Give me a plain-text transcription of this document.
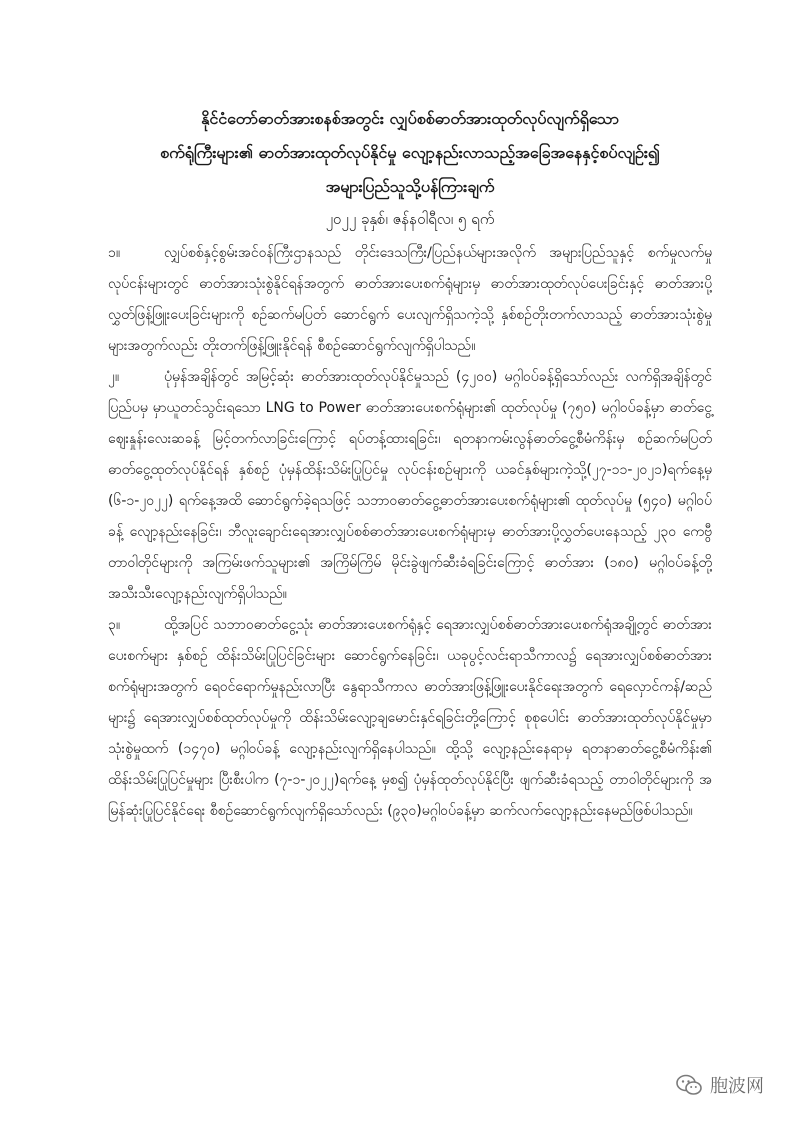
နိုင်ငံတော်ဓာတ်အားစနစ်အတွင်း လျှပ်စစ်ဓာတ်အားထုတ်လုပ်လျက်ရှိသော

စက်ရုံကြီးများ၏ ဓာတ်အားထုတ်လုပ်နိုင်မှု လျော့နည်းလာသည့်အခြေအနေနှင့်စပ်လျဉ်း၍

အများပြည်သူသို့ပန်ကြားချက်

၂၀၂၂ ခုနှစ်၊ ဇန်နဝါရီလ၊ ၅ ရက်

၁။	လျှပ်စစ်နှင့်စွမ်းအင်ဝန်ကြီးဌာနသည် တိုင်းဒေသကြီး/ပြည်နယ်များအလိုက် အများပြည်သူနှင့် စက်မှုလက်မှုလုပ်ငန်းများတွင် ဓာတ်အားသုံးစွဲနိုင်ရန်အတွက် ဓာတ်အားပေးစက်ရုံများမှ ဓာတ်အားထုတ်လုပ်ပေးခြင်းနှင့် ဓာတ်အားပို့လွှတ်ဖြန့်ဖြူးပေးခြင်းများကို စဉ်ဆက်မပြတ် ဆောင်ရွက် ပေးလျက်ရှိသကဲ့သို့ နှစ်စဉ်တိုးတက်လာသည့် ဓာတ်အားသုံးစွဲမှုများအတွက်လည်း တိုးတက်ဖြန့်ဖြူးနိုင်ရန် စီစဉ်ဆောင်ရွက်လျက်ရှိပါသည်။
၂။	ပုံမှန်အချိန်တွင် အမြင့်ဆုံး ဓာတ်အားထုတ်လုပ်နိုင်မှုသည် (၄၂၀၀) မဂ္ဂါဝပ်ခန့်ရှိသော်လည်း လက်ရှိအချိန်တွင် ပြည်ပမှ မှာယူတင်သွင်းရသော LNG to Power ဓာတ်အားပေးစက်ရုံများ၏ ထုတ်လုပ်မှု (၇၅၀) မဂ္ဂါဝပ်ခန့်မှာ ဓာတ်ငွေ့ဈေးနှုန်းလေးဆခန့် မြင့်တက်လာခြင်းကြောင့် ရပ်တန့်ထားရခြင်း၊ ရတနာကမ်းလွန်ဓာတ်ငွေ့စီမံကိန်းမှ စဉ်ဆက်မပြတ် ဓာတ်ငွေ့ထုတ်လုပ်နိုင်ရန် နှစ်စဉ် ပုံမှန်ထိန်းသိမ်းပြုပြင်မှု လုပ်ငန်းစဉ်များကို ယခင်နှစ်များကဲ့သို့(၂၇-၁၁-၂၀၂၁)ရက်နေ့မှ (၆-၁-၂၀၂၂) ရက်နေ့အထိ ဆောင်ရွက်ခဲ့ရသဖြင့် သဘာဝဓာတ်ငွေ့ဓာတ်အားပေးစက်ရုံများ၏ ထုတ်လုပ်မှု (၅၄၀) မဂ္ဂါဝပ်ခန့် လျော့နည်းနေခြင်း၊ ဘီလူးချောင်းရေအားလျှပ်စစ်ဓာတ်အားပေးစက်ရုံများမှ ဓာတ်အားပို့လွှတ်ပေးနေသည့် ၂၃၀ ကေဗွီ တာဝါတိုင်များကို အကြမ်းဖက်သူများ၏ အကြိမ်ကြိမ် မိုင်းခွဲဖျက်ဆီးခံရခြင်းကြောင့် ဓာတ်အား (၁၈၀) မဂ္ဂါဝပ်ခန့်တို့ အသီးသီးလျော့နည်းလျက်ရှိပါသည်။
၃။	ထို့အပြင် သဘာဝဓာတ်ငွေ့သုံး ဓာတ်အားပေးစက်ရုံနှင့် ရေအားလျှပ်စစ်ဓာတ်အားပေးစက်ရုံအချို့တွင် ဓာတ်အားပေးစက်များ နှစ်စဉ် ထိန်းသိမ်းပြုပြင်ခြင်းများ ဆောင်ရွက်နေခြင်း၊ ယခုပွင့်လင်းရာသီကာလ၌ ရေအားလျှပ်စစ်ဓာတ်အားစက်ရုံများအတွက် ရေဝင်ရောက်မှုနည်းလာပြီး နွေရာသီကာလ ဓာတ်အားဖြန့်ဖြူးပေးနိုင်ရေးအတွက် ရေလှောင်ကန်/ဆည်များ၌ ရေအားလျှပ်စစ်ထုတ်လုပ်မှုကို ထိန်းသိမ်းလျော့ချမောင်းနှင်ရခြင်းတို့ကြောင့် စုစုပေါင်း ဓာတ်အားထုတ်လုပ်နိုင်မှုမှာ သုံးစွဲမှုထက် (၁၄၇၀) မဂ္ဂါဝပ်ခန့် လျော့နည်းလျက်ရှိနေပါသည်။ ထို့သို့ လျော့နည်းနေရာမှ ရတနာဓာတ်ငွေ့စီမံကိန်း၏ ထိန်းသိမ်းပြုပြင်မှုများ ပြီးစီးပါက (၇-၁-၂၀၂၂)ရက်နေ့ မှစ၍ ပုံမှန်ထုတ်လုပ်နိုင်ပြီး ဖျက်ဆီးခံရသည့် တာဝါတိုင်များကို အမြန်ဆုံးပြုပြင်နိုင်ရေး စီစဉ်ဆောင်ရွက်လျက်ရှိသော်လည်း (၉၃၀)မဂ္ဂါဝပ်ခန့်မှာ ဆက်လက်လျော့နည်းနေမည်ဖြစ်ပါသည်။
胞波网
